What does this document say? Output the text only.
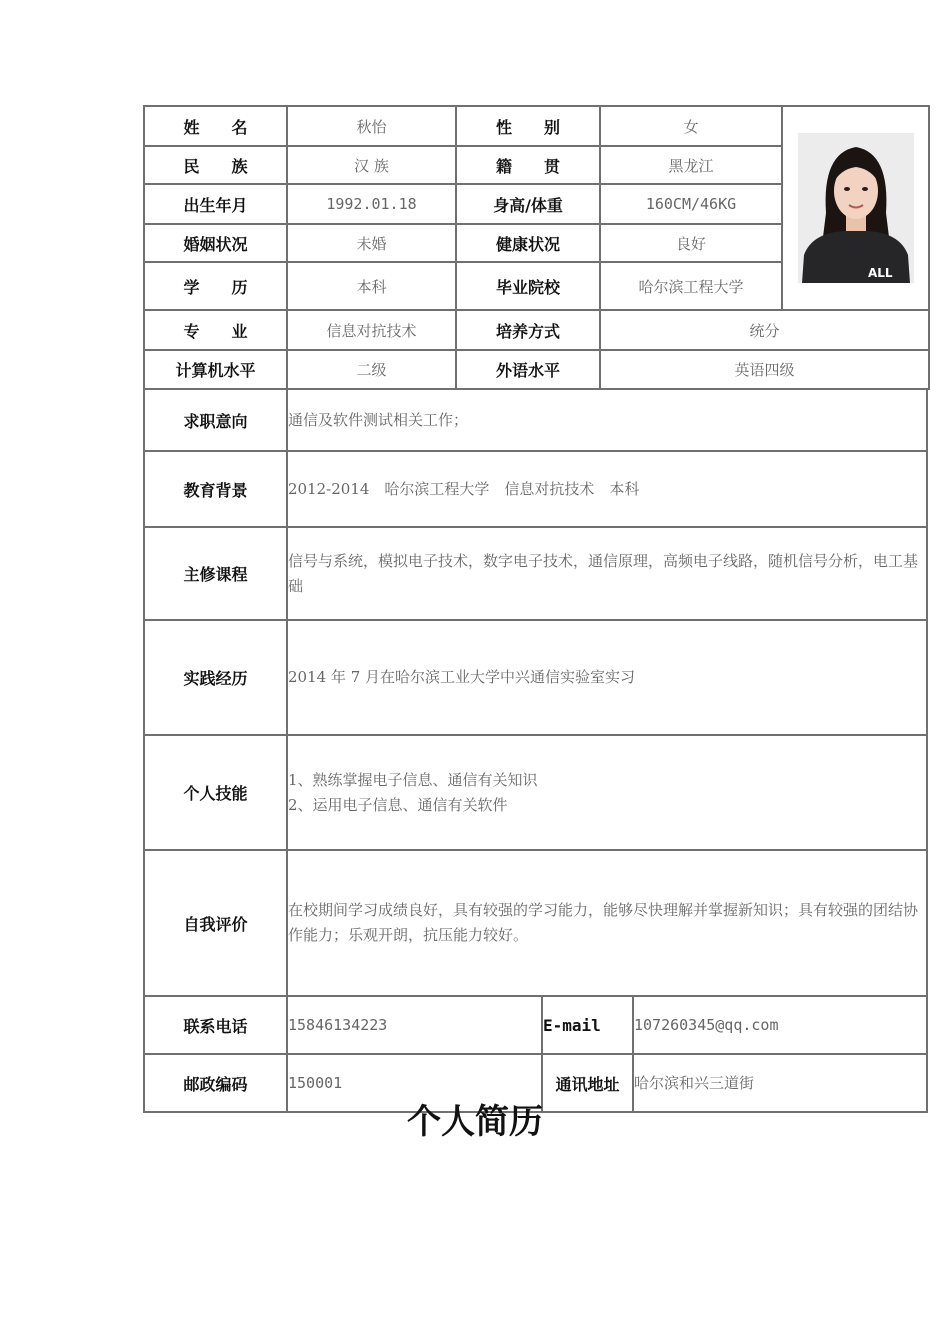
姓　　名	秋怡	性　　别	女	ALL

民　　族	汉 族	籍　　贯	黑龙江	
出生年月	1992.01.18	身高/体重	160CM/46KG	
婚姻状况	未婚	健康状况	良好	
学　　历	本科	毕业院校	哈尔滨工程大学	
专　　业	信息对抗技术	培养方式	统分	
计算机水平	二级	外语水平	英语四级	
求职意向	通信及软件测试相关工作；
教育背景	2012-2014　哈尔滨工程大学　信息对抗技术　本科
主修课程	信号与系统，模拟电子技术，数字电子技术，通信原理，高频电子线路，随机信号分析，电工基础
实践经历	2014 年 7 月在哈尔滨工业大学中兴通信实验室实习
个人技能	1、熟练掌握电子信息、通信有关知识
2、运用电子信息、通信有关软件

自我评价	在校期间学习成绩良好，具有较强的学习能力，能够尽快理解并掌握新知识；具有较强的团结协作能力；乐观开朗，抗压能力较好。
联系电话	15846134223	E-mail	107260345@qq.com
邮政编码	150001	通讯地址	哈尔滨和兴三道街
个人简历
